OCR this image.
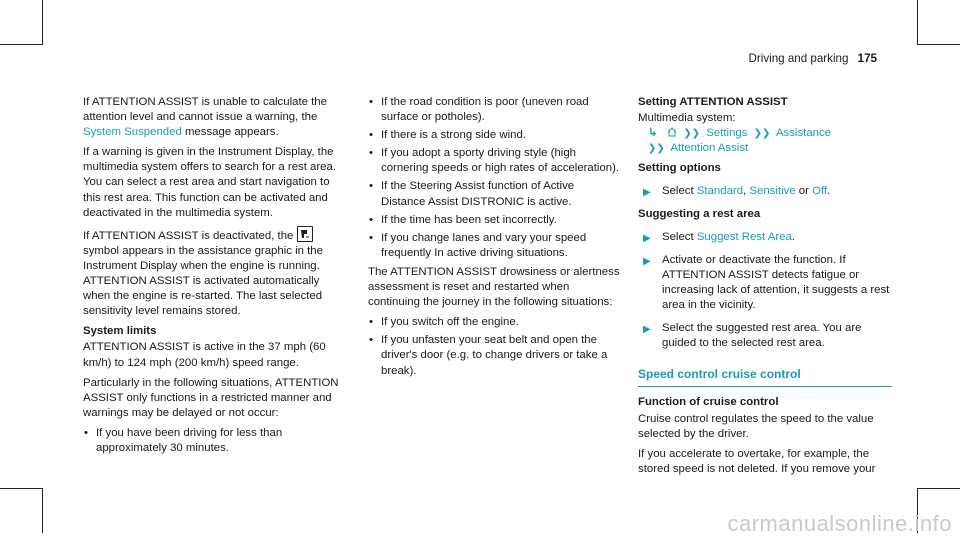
Driving and parking 175

If ATTENTION ASSIST is unable to calculate the attention level and cannot issue a warning, the System Suspended message appears.

If a warning is given in the Instrument Display, the multimedia system offers to search for a rest area. You can select a rest area and start navigation to this rest area. This function can be activated and deactivated in the multimedia system.

If ATTENTION ASSIST is deactivated, the  symbol appears in the assistance graphic in the Instrument Display when the engine is running. ATTENTION ASSIST is activated automatically when the engine is re-started. The last selected sensitivity level remains stored.

System limits

ATTENTION ASSIST is active in the 37 mph (60 km/h) to 124 mph (200 km/h) speed range.

Particularly in the following situations, ATTENTION ASSIST only functions in a restricted manner and warnings may be delayed or not occur:

• If you have been driving for less than approximately 30 minutes.
• If the road condition is poor (uneven road surface or potholes).
• If there is a strong side wind.
• If you adopt a sporty driving style (high cornering speeds or high rates of acceleration).
• If the Steering Assist function of Active Distance Assist DISTRONIC is active.
• If the time has been set incorrectly.
• If you change lanes and vary your speed frequently In active driving situations.

The ATTENTION ASSIST drowsiness or alertness assessment is reset and restarted when continuing the journey in the following situations:

• If you switch off the engine.
• If you unfasten your seat belt and open the driver's door (e.g. to change drivers or take a break).
Setting ATTENTION ASSIST
Multimedia system:
↳	❯❯ Settings ❯❯ Assistance
❯❯ Attention Assist
Setting options
▶ Select Standard, Sensitive or Off.
Suggesting a rest area
▶ Select Suggest Rest Area.
▶ Activate or deactivate the function. If ATTENTION ASSIST detects fatigue or increasing lack of attention, it suggests a rest area in the vicinity.
▶ Select the suggested rest area. You are guided to the selected rest area.
Speed control cruise control
Function of cruise control

Cruise control regulates the speed to the value selected by the driver.

If you accelerate to overtake, for example, the stored speed is not deleted. If you remove your

carmanualsonline.info
